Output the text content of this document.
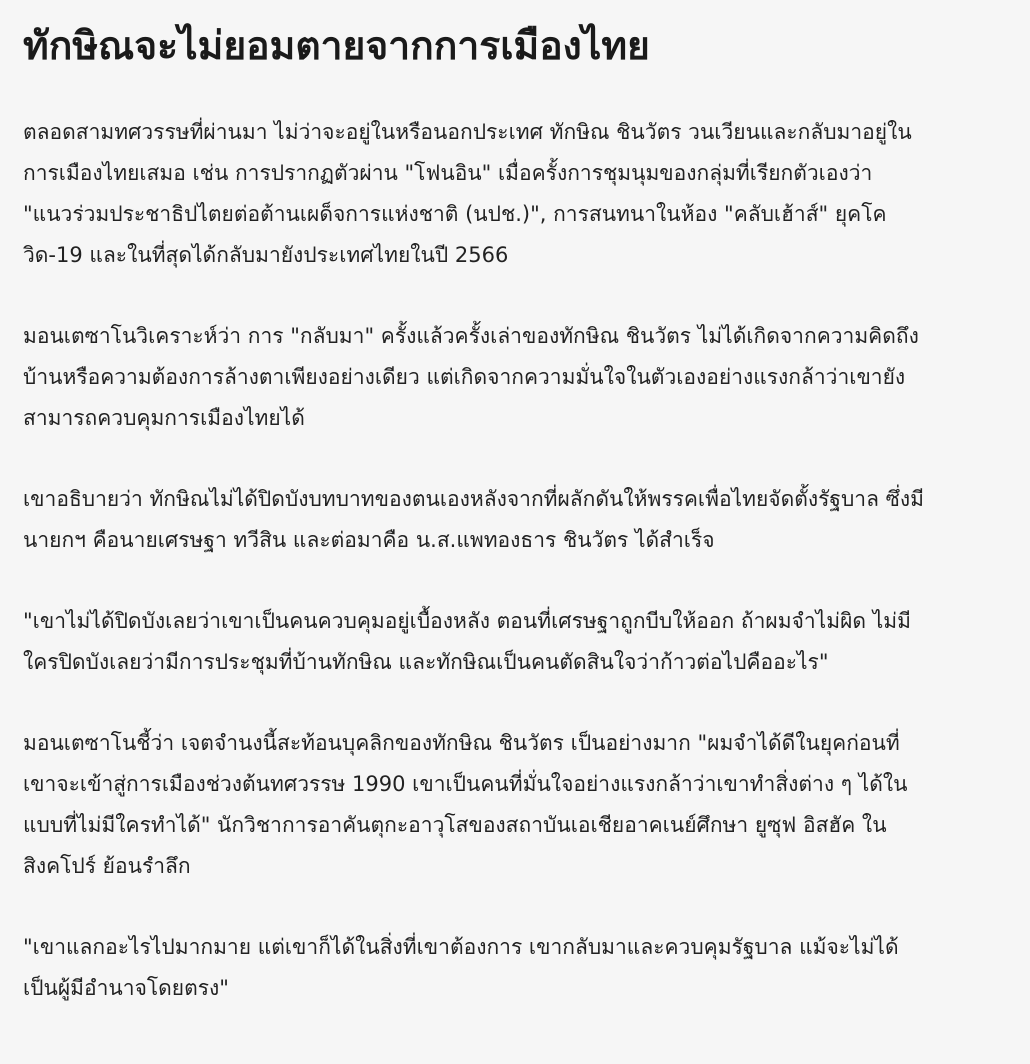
ทักษิณจะไม่ยอมตายจากการเมืองไทย

ตลอดสามทศวรรษที่ผ่านมา ไม่ว่าจะอยู่ในหรือนอกประเทศ ทักษิณ ชินวัตร วนเวียนและกลับมาอยู่ในการเมืองไทยเสมอ เช่น การปรากฏตัวผ่าน "โฟนอิน" เมื่อครั้งการชุมนุมของกลุ่มที่เรียกตัวเองว่า "แนวร่วมประชาธิปไตยต่อต้านเผด็จการแห่งชาติ (นปช.)", การสนทนาในห้อง "คลับเฮ้าส์" ยุคโควิด-19 และในที่สุดได้กลับมายังประเทศไทยในปี 2566

มอนเตซาโนวิเคราะห์ว่า การ "กลับมา" ครั้งแล้วครั้งเล่าของทักษิณ ชินวัตร ไม่ได้เกิดจากความคิดถึงบ้านหรือความต้องการล้างตาเพียงอย่างเดียว แต่เกิดจากความมั่นใจในตัวเองอย่างแรงกล้าว่าเขายังสามารถควบคุมการเมืองไทยได้

เขาอธิบายว่า ทักษิณไม่ได้ปิดบังบทบาทของตนเองหลังจากที่ผลักดันให้พรรคเพื่อไทยจัดตั้งรัฐบาล ซึ่งมีนายกฯ คือนายเศรษฐา ทวีสิน และต่อมาคือ น.ส.แพทองธาร ชินวัตร ได้สำเร็จ

"เขาไม่ได้ปิดบังเลยว่าเขาเป็นคนควบคุมอยู่เบื้องหลัง ตอนที่เศรษฐาถูกบีบให้ออก ถ้าผมจำไม่ผิด ไม่มีใครปิดบังเลยว่ามีการประชุมที่บ้านทักษิณ และทักษิณเป็นคนตัดสินใจว่าก้าวต่อไปคืออะไร"

มอนเตซาโนชี้ว่า เจตจำนงนี้สะท้อนบุคลิกของทักษิณ ชินวัตร เป็นอย่างมาก "ผมจำได้ดีในยุคก่อนที่เขาจะเข้าสู่การเมืองช่วงต้นทศวรรษ 1990 เขาเป็นคนที่มั่นใจอย่างแรงกล้าว่าเขาทำสิ่งต่าง ๆ ได้ในแบบที่ไม่มีใครทำได้" นักวิชาการอาคันตุกะอาวุโสของสถาบันเอเชียอาคเนย์ศึกษา ยูซุฟ อิสฮัค ในสิงคโปร์ ย้อนรำลึก

"เขาแลกอะไรไปมากมาย แต่เขาก็ได้ในสิ่งที่เขาต้องการ เขากลับมาและควบคุมรัฐบาล แม้จะไม่ได้เป็นผู้มีอำนาจโดยตรง"
